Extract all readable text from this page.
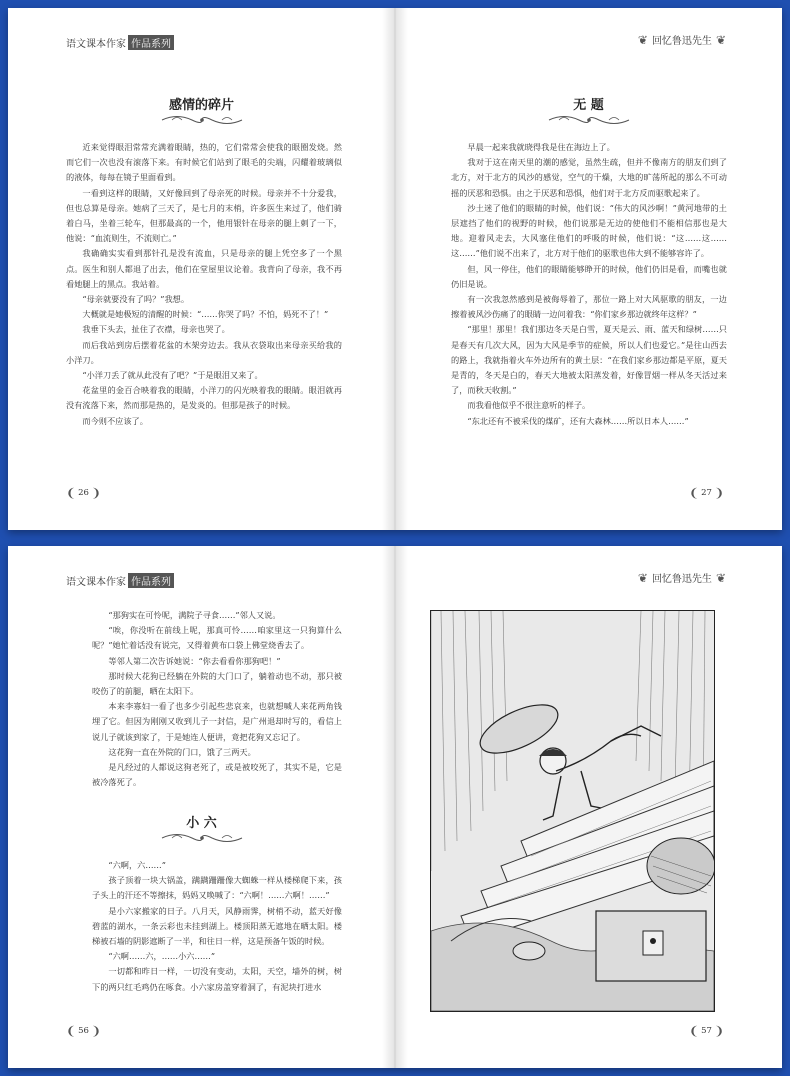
语文课本作家 作品系列
感情的碎片

近来觉得眼泪常常充满着眼睛，热的，它们常常会使我的眼圈发烧。然而它们一次也没有滚落下来。有时候它们站到了眼毛的尖端，闪耀着玻璃似的液体，每每在镜子里面看到。

一看到这样的眼睛，又好像回到了母亲死的时候。母亲并不十分爱我，但也总算是母亲。她病了三天了，是七月的末梢，许多医生来过了，他们骑着白马，坐着三轮车，但那最高的一个，他用银针在母亲的腿上刺了一下，他说：“血流则生，不流则亡。”

我确确实实看到那针孔是没有流血，只是母亲的腿上凭空多了一个黑点。医生和别人都退了出去，他们在堂屋里议论着。我背向了母亲，我不再看她腿上的黑点。我站着。

“母亲就要没有了吗？”我想。

大概就是她极短的清醒的时候：“……你哭了吗？不怕，妈死不了！”

我垂下头去，扯住了衣襟，母亲也哭了。

而后我站到房后摆着花盆的木架旁边去。我从衣袋取出来母亲买给我的小洋刀。

“小洋刀丢了就从此没有了吧？”于是眼泪又来了。

花盆里的金百合映着我的眼睛，小洋刀的闪光映着我的眼睛。眼泪就再没有流落下来，然而那是热的，是发炎的。但那是孩子的时候。

而今则不应该了。

❨ 26 ❩
❦ 回忆鲁迅先生 ❦
无 题

早晨一起来我就晓得我是住在海边上了。

我对于这在南天里的潮的感觉，虽然生疏，但并不像南方的朋友们到了北方，对于北方的风沙的感觉，空气的干燥，大地的旷荡所起的那么不可动摇的厌恶和恐惧。由之于厌恶和恐惧，他们对于北方反而驱歌起来了。

沙土迷了他们的眼睛的时候，他们说：“伟大的风沙啊！”黄河地带的土层遮挡了他们的视野的时候，他们说那是无边的使他们不能相信那也是大地。迎着风走去，大风塞住他们的呼吸的时候，他们说：“这……这……这……”他们说不出来了，北方对于他们的驱歌也伟大到不能够容许了。

但，风一停住，他们的眼睛能够睁开的时候，他们仍旧是看，而嘴也就仍旧是说。

有一次我忽然感到是被侮辱着了，那位一路上对大风驱歌的朋友，一边擦着被风沙伤痛了的眼睛一边问着我：“你们家乡那边就终年这样？”

“那里！那里！我们那边冬天是白雪，夏天是云、雨、蓝天和绿树……只是春天有几次大风，因为大风是季节的症候，所以人们也爱它。”是往山西去的路上，我就指着火车外边所有的黄土层：“在我们家乡那边都是平原，夏天是青的，冬天是白的，春天大地被太阳蒸发着，好像冒烟一样从冬天活过来了，而秋天收割。”

而我看他似乎不很注意听的样子。

“东北还有不被采伐的煤矿，还有大森林……所以日本人……”

❨ 27 ❩
语文课本作家 作品系列

“那狗实在可怜呢，满院子寻食……”邻人又说。

“唉，你没听在前线上呢，那真可怜……咱家里这一只狗算什么呢？”她忙着话没有说完，又得着黄布口袋上佛堂烧香去了。

等邻人第二次告诉她说：“你去看看你那狗吧！”

那时候大花狗已经躺在外院的大门口了，躺着动也不动，那只被咬伤了的前腿，晒在太阳下。

本来李寡妇一看了也多少引起些悲哀来，也就想喊人来花两角钱埋了它。但因为刚刚又收到儿子一封信，是广州退却时写的，看信上说儿子就该到家了，于是她连人便讲，竟把花狗又忘记了。

这花狗一直在外院的门口，饿了三两天。

是凡经过的人都说这狗老死了，或是被咬死了，其实不是，它是被冷落死了。

小 六

“六啊，六……”

孩子顶着一块大锅盖，蹒蹒跚跚像大蜘蛛一样从楼梯爬下来，孩子头上的汗还不等擦抹，妈妈又唤喊了：“六啊！……六啊！……”

是小六家搬家的日子。八月天，风静雨霁，树梢不动，蓝天好像碧蓝的湖水，一条云彩也未挂到湖上。楼顶阳蒸无遮地在晒太阳。楼梯被石墙的阴影遮断了一半，和往日一样，这是预备午饭的时候。

“六啊……六，……小六……”

一切都和昨日一样，一切没有变动，太阳，天空，墙外的树，树下的两只红毛鸡仍在啄食。小六家房盖穿着洞了，有泥块打进水

❨ 56 ❩
❦ 回忆鲁迅先生 ❦
❨ 57 ❩
